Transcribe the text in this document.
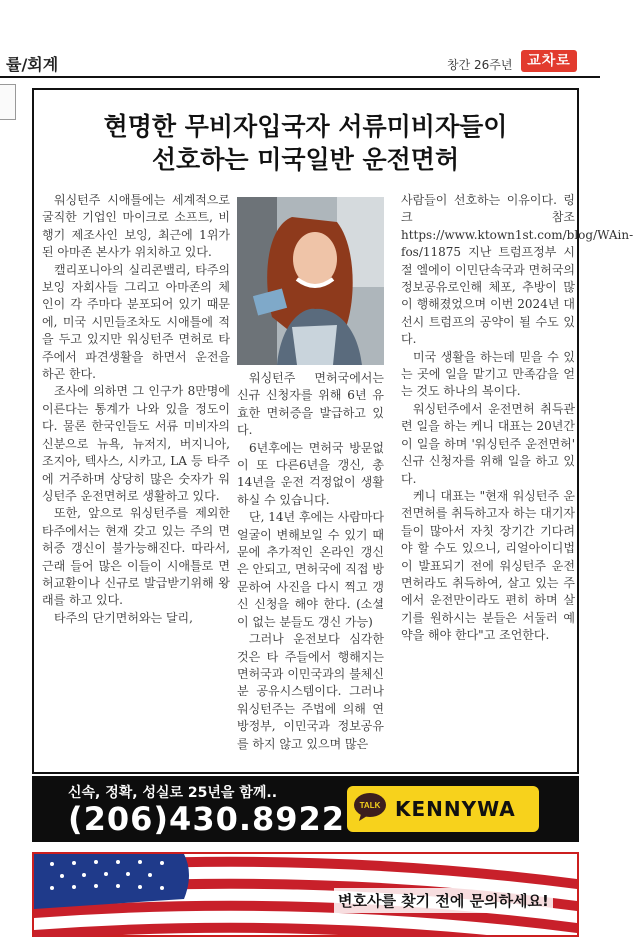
률/회계	창간 26주년	교차로
현명한 무비자입국자 서류미비자들이
선호하는 미국일반 운전면허

워싱턴주 시애틀에는 세계적으로 굴직한 기업인 마이크로 소프트, 비행기 제조사인 보잉, 최근에 1위가 된 아마존 본사가 위치하고 있다.

캘리포니아의 실리콘밸리, 타주의 보잉 자회사들 그리고 아마존의 체인이 각 주마다 분포되어 있기 때문에, 미국 시민들조차도 시애틀에 적을 두고 있지만 워싱턴주 면허로 타주에서 파견생활을 하면서 운전을 하곤 한다.

조사에 의하면 그 인구가 8만명에 이른다는 통계가 나와 있을 정도이다. 물론 한국인들도 서류 미비자의 신분으로 뉴욕, 뉴저지, 버지니아, 조지아, 텍사스, 시카고, LA 등 타주에 거주하며 상당히 많은 숫자가 워싱턴주 운전면허로 생활하고 있다.

또한, 앞으로 워싱턴주를 제외한 타주에서는 현재 갖고 있는 주의 면허증 갱신이 불가능해진다. 따라서, 근래 들어 많은 이들이 시애틀로 면허교환이나 신규로 발급받기위해 왕래를 하고 있다.

타주의 단기면허와는 달리,

워싱턴주 면허국에서는 신규 신청자를 위해 6년 유효한 면허증을 발급하고 있다.

6년후에는 면허국 방문없이 또 다른6년을 갱신, 총 14년을 운전 걱정없이 생활하실 수 있습니다.

단, 14년 후에는 사람마다 얼굴이 변해보일 수 있기 때문에 추가적인 온라인 갱신은 안되고, 면허국에 직접 방문하여 사진을 다시 찍고 갱신 신청을 해야 한다. (소셜이 없는 분들도 갱신 가능)

그러나 운전보다 심각한 것은 타 주들에서 행해지는 면허국과 이민국과의 불체신분 공유시스템이다. 그러나 워싱턴주는 주법에 의해 연방정부, 이민국과 정보공유를 하지 않고 있으며 많은

사람들이 선호하는 이유이다. 링크 참조 https://www.ktown1st.com/blog/WAin-fos/11875 지난 트럼프정부 시절 엘에이 이민단속국과 면허국의 정보공유로인해 체포, 추방이 많이 행해졌었으며 이번 2024년 대선시 트럼프의 공약이 될 수도 있다.

미국 생활을 하는데 믿을 수 있는 곳에 일을 맡기고 만족감을 얻는 것도 하나의 복이다.

워싱턴주에서 운전면허 취득관련 일을 하는 케니 대표는 20년간 이 일을 하며 '워싱턴주 운전면허' 신규 신청자를 위해 일을 하고 있다.

케니 대표는 "현재 워싱턴주 운전면허를 취득하고자 하는 대기자들이 많아서 자칫 장기간 기다려야 할 수도 있으니, 리얼아이디법이 발표되기 전에 워싱턴주 운전면허라도 취득하여, 살고 있는 주에서 운전만이라도 편히 하며 살기를 원하시는 분들은 서둘러 예약을 해야 한다"고 조언한다.

신속, 정확, 성실로 25년을 함께..
(206)430.8922 TALK KENNYWA
변호사를 찾기 전에 문의하세요!
